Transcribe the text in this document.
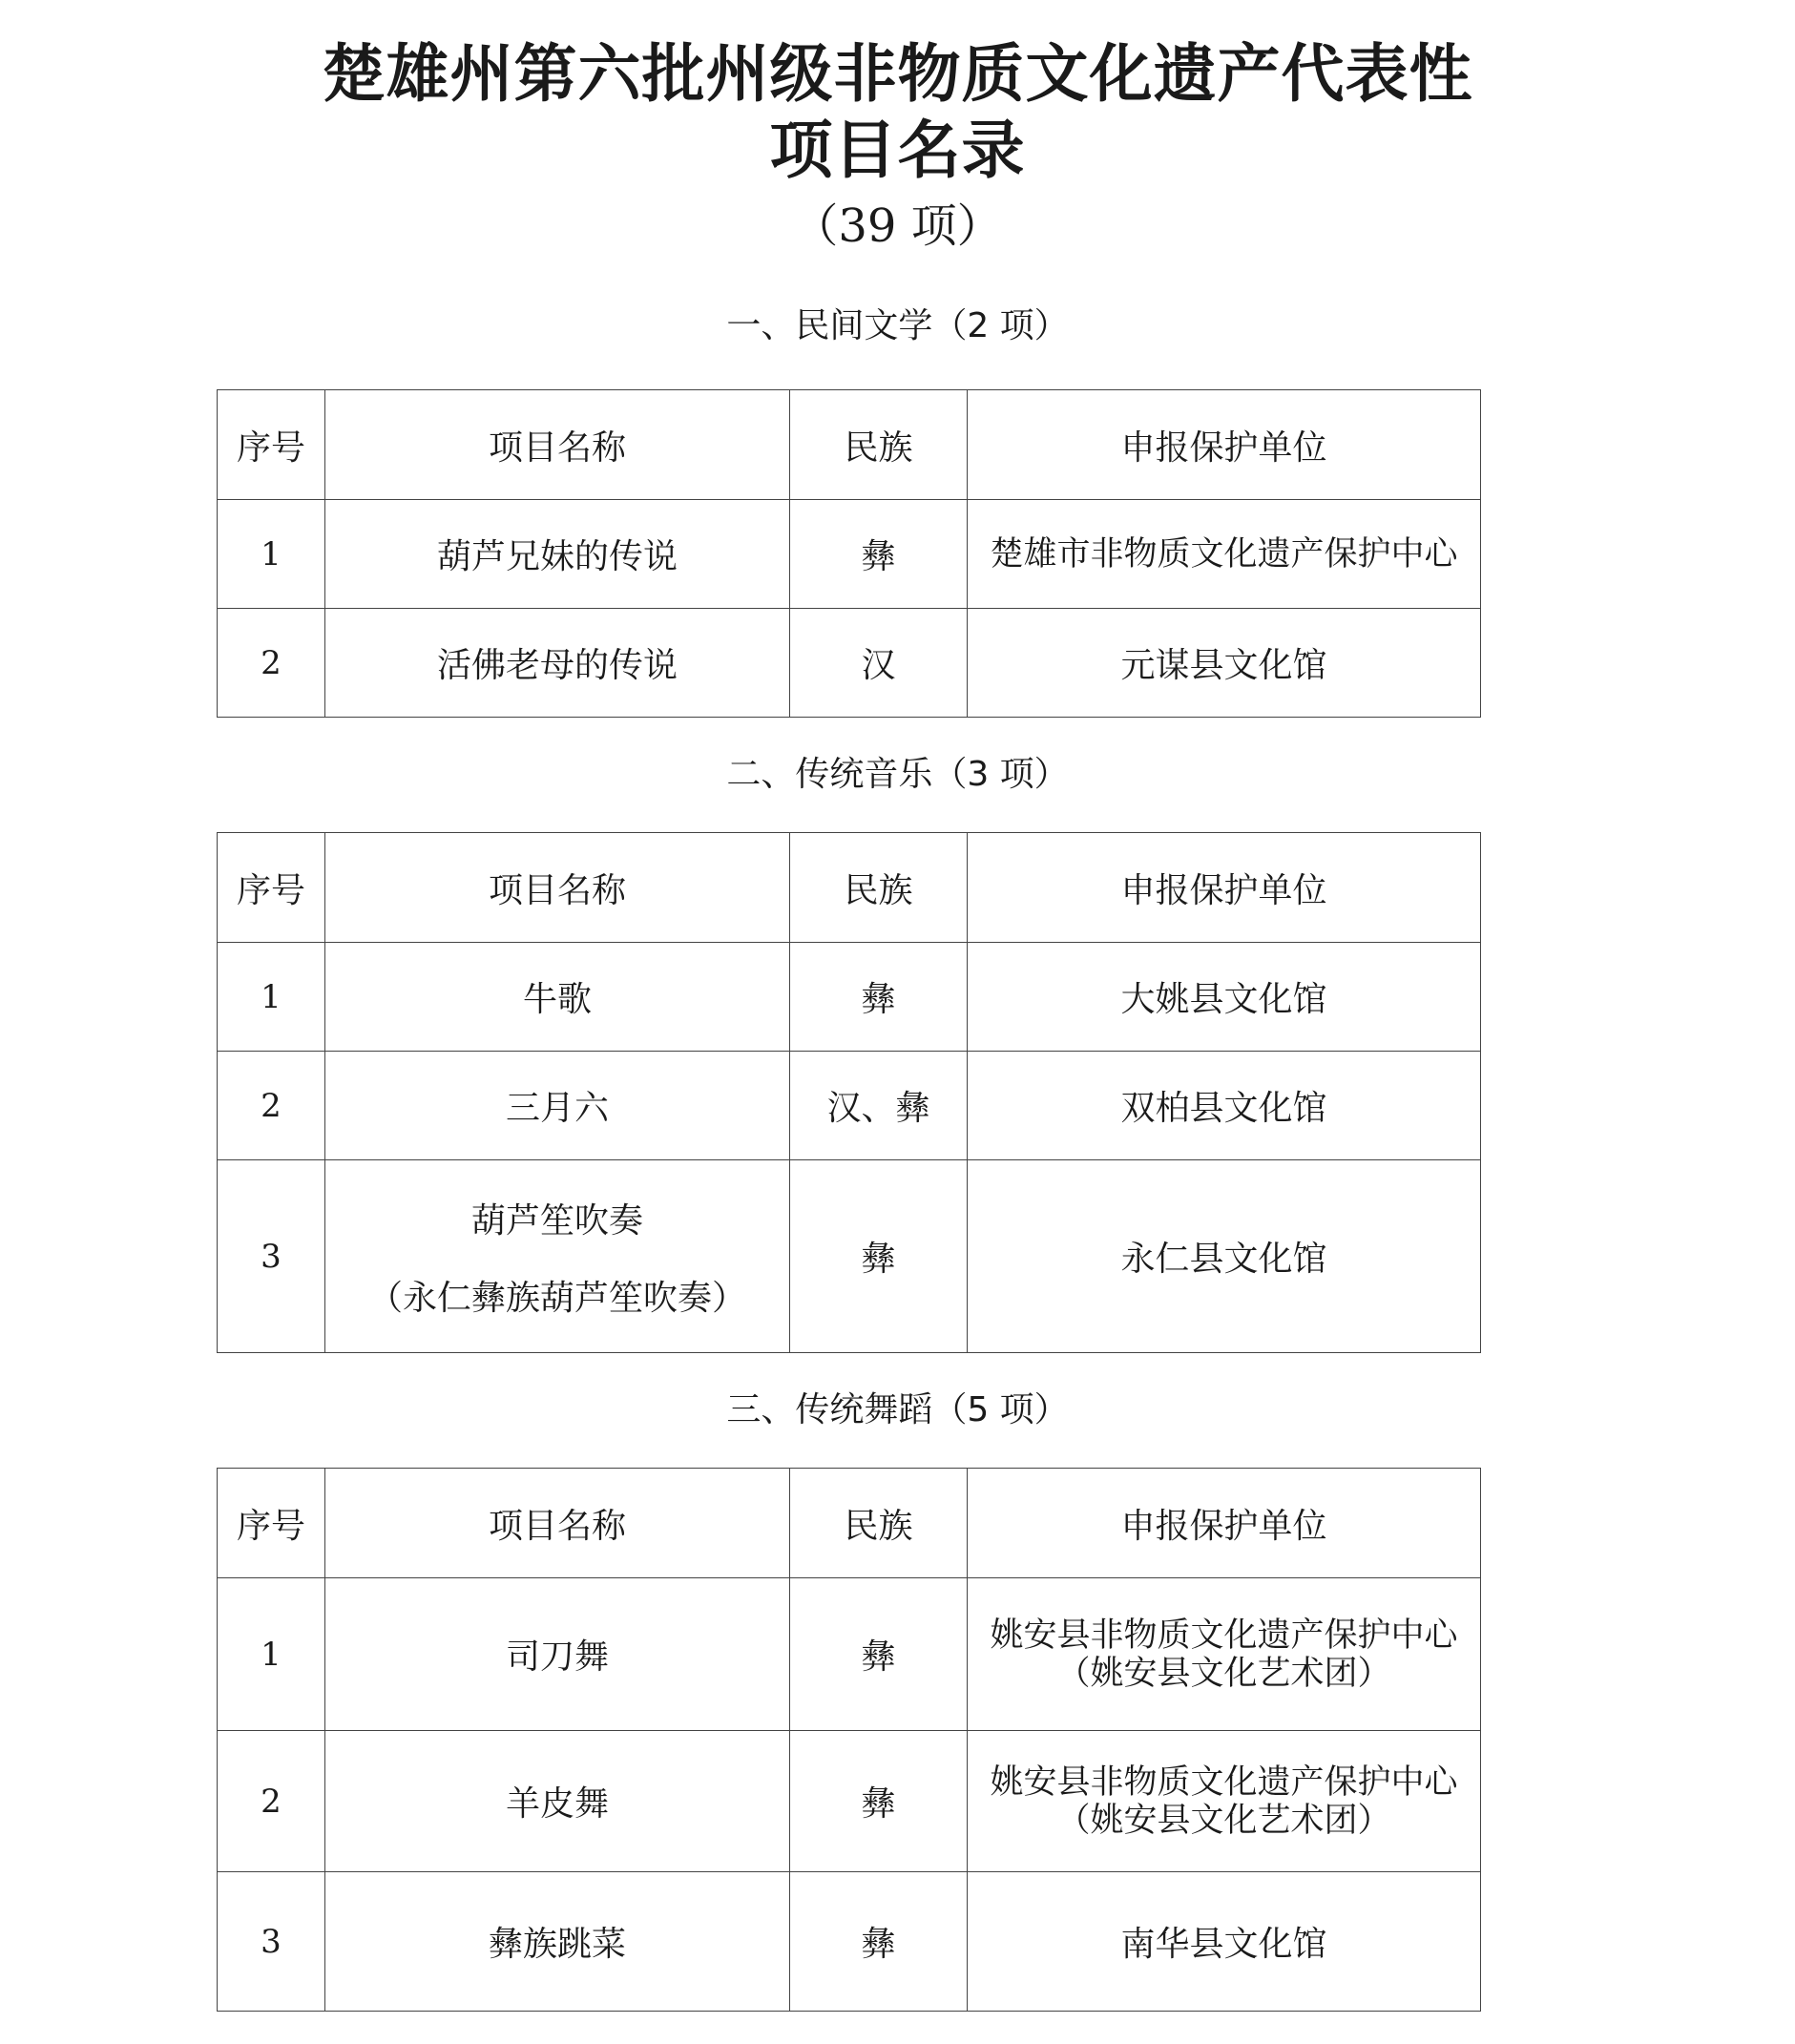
楚雄州第六批州级非物质文化遗产代表性
项目名录
（39 项）
一、民间文学（2 项）
序号	项目名称	民族	申报保护单位
1	葫芦兄妹的传说	彝	楚雄市非物质文化遗产保护中心
2	活佛老母的传说	汉	元谋县文化馆
二、传统音乐（3 项）
序号	项目名称	民族	申报保护单位
1	牛歌	彝	大姚县文化馆
2	三月六	汉、彝	双柏县文化馆
3	葫芦笙吹奏
（永仁彝族葫芦笙吹奏）	彝	永仁县文化馆
三、传统舞蹈（5 项）
序号	项目名称	民族	申报保护单位
1	司刀舞	彝	姚安县非物质文化遗产保护中心（姚安县文化艺术团）
2	羊皮舞	彝	姚安县非物质文化遗产保护中心（姚安县文化艺术团）
3	彝族跳菜	彝	南华县文化馆
